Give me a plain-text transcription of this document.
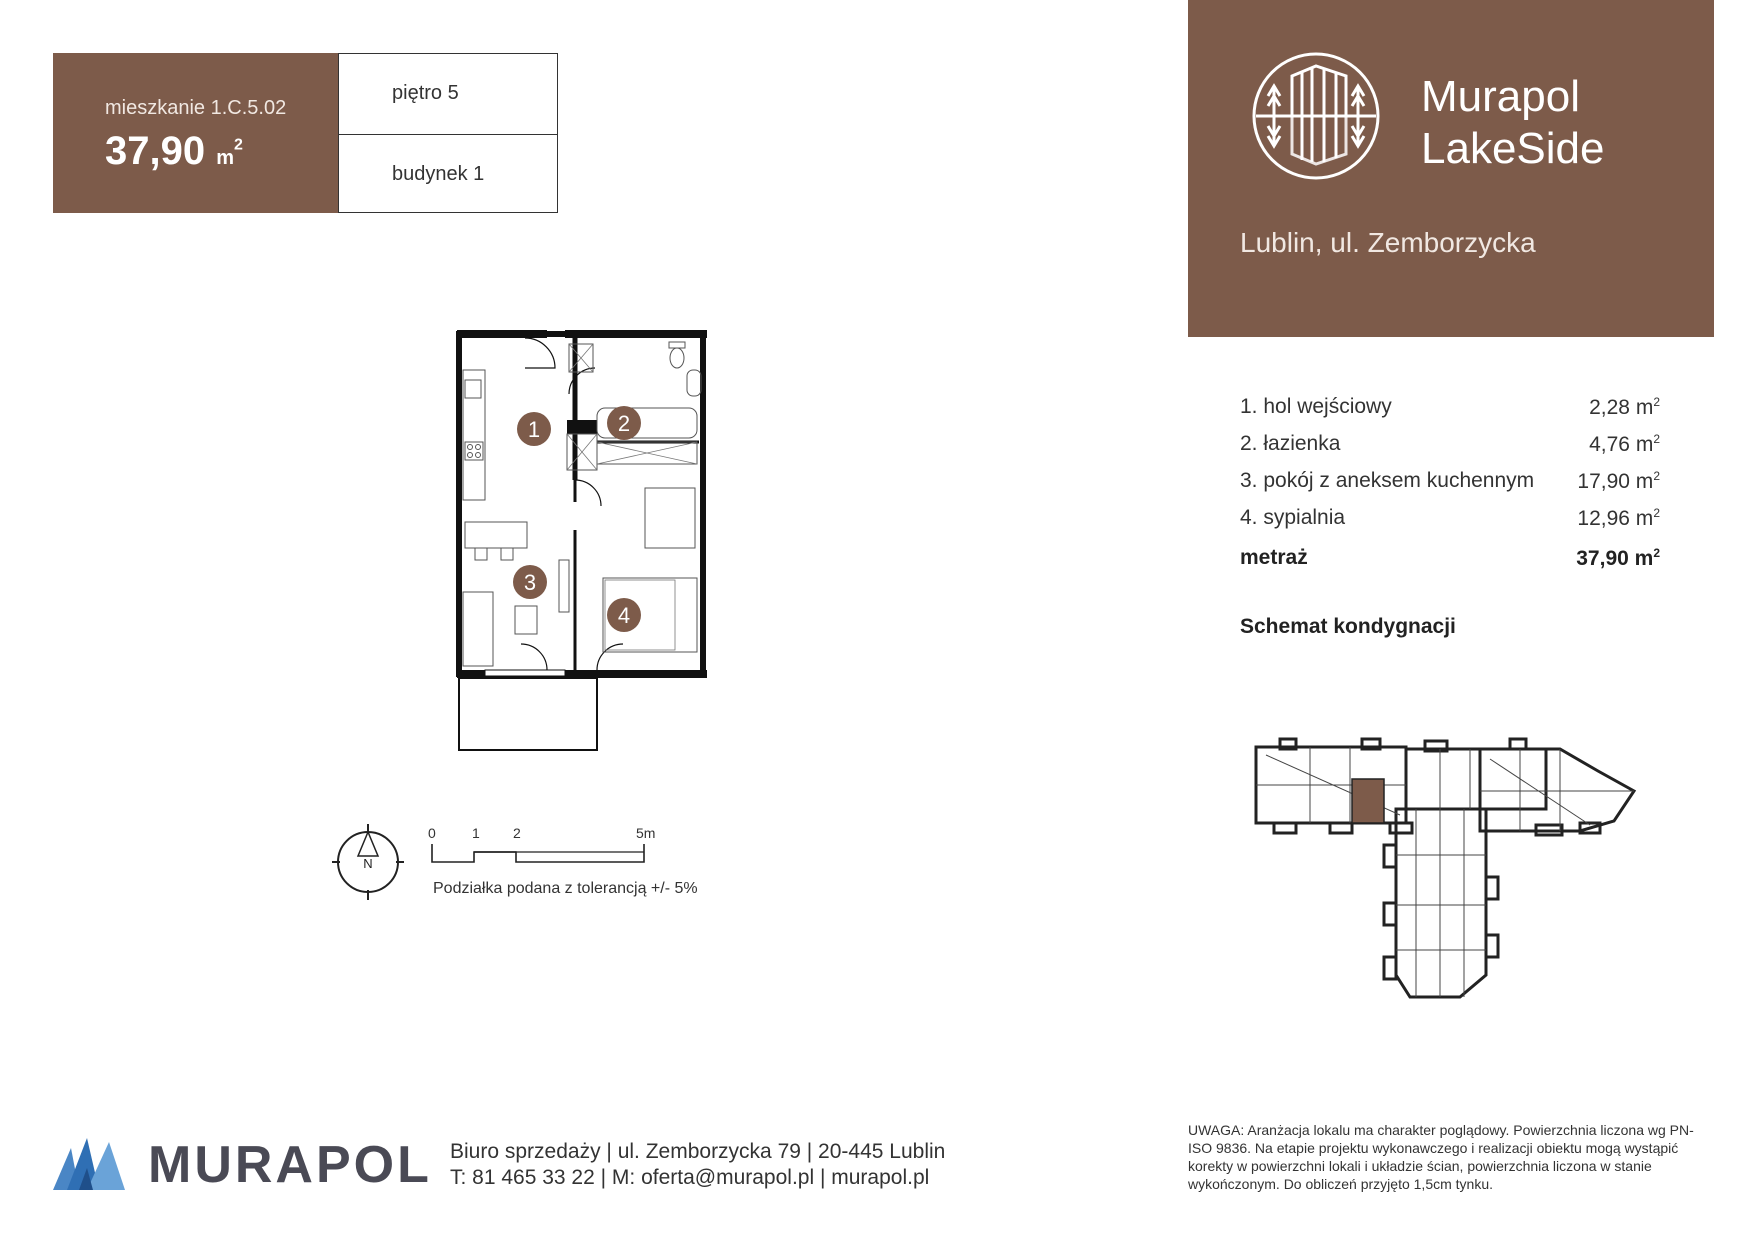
mieszkanie 1.C.5.02
37,90 $m^2$
piętro 5
budynek 1
Murapol
LakeSide
Lublin, ul. Zemborzycka
1. hol wejściowy	2,28 $m^2$
2. łazienka	4,76 $m^2$
3. pokój z aneksem kuchennym 17,90 $m^2$
4. sypialnia	12,96 $m^2$
metraż	37,90 $m^2$
Schemat kondygnacji
1	2
3
4
N
0	1 2	5m
Podziałka podana z tolerancją +/- 5%
MURAPOL Biuro sprzedaży | ul. Zemborzycka 79 | 20-445 Lublin
T: 81 465 33 22 | M: oferta@murapol.pl | murapol.pl
UWAGA: Aranżacja lokalu ma charakter poglądowy. Powierzchnia liczona wg PN-ISO 9836. Na etapie projektu wykonawczego i realizacji obiektu mogą wystąpić korekty w powierzchni lokali i układzie ścian, powierzchnia liczona w stanie wykończonym. Do obliczeń przyjęto 1,5cm tynku.
